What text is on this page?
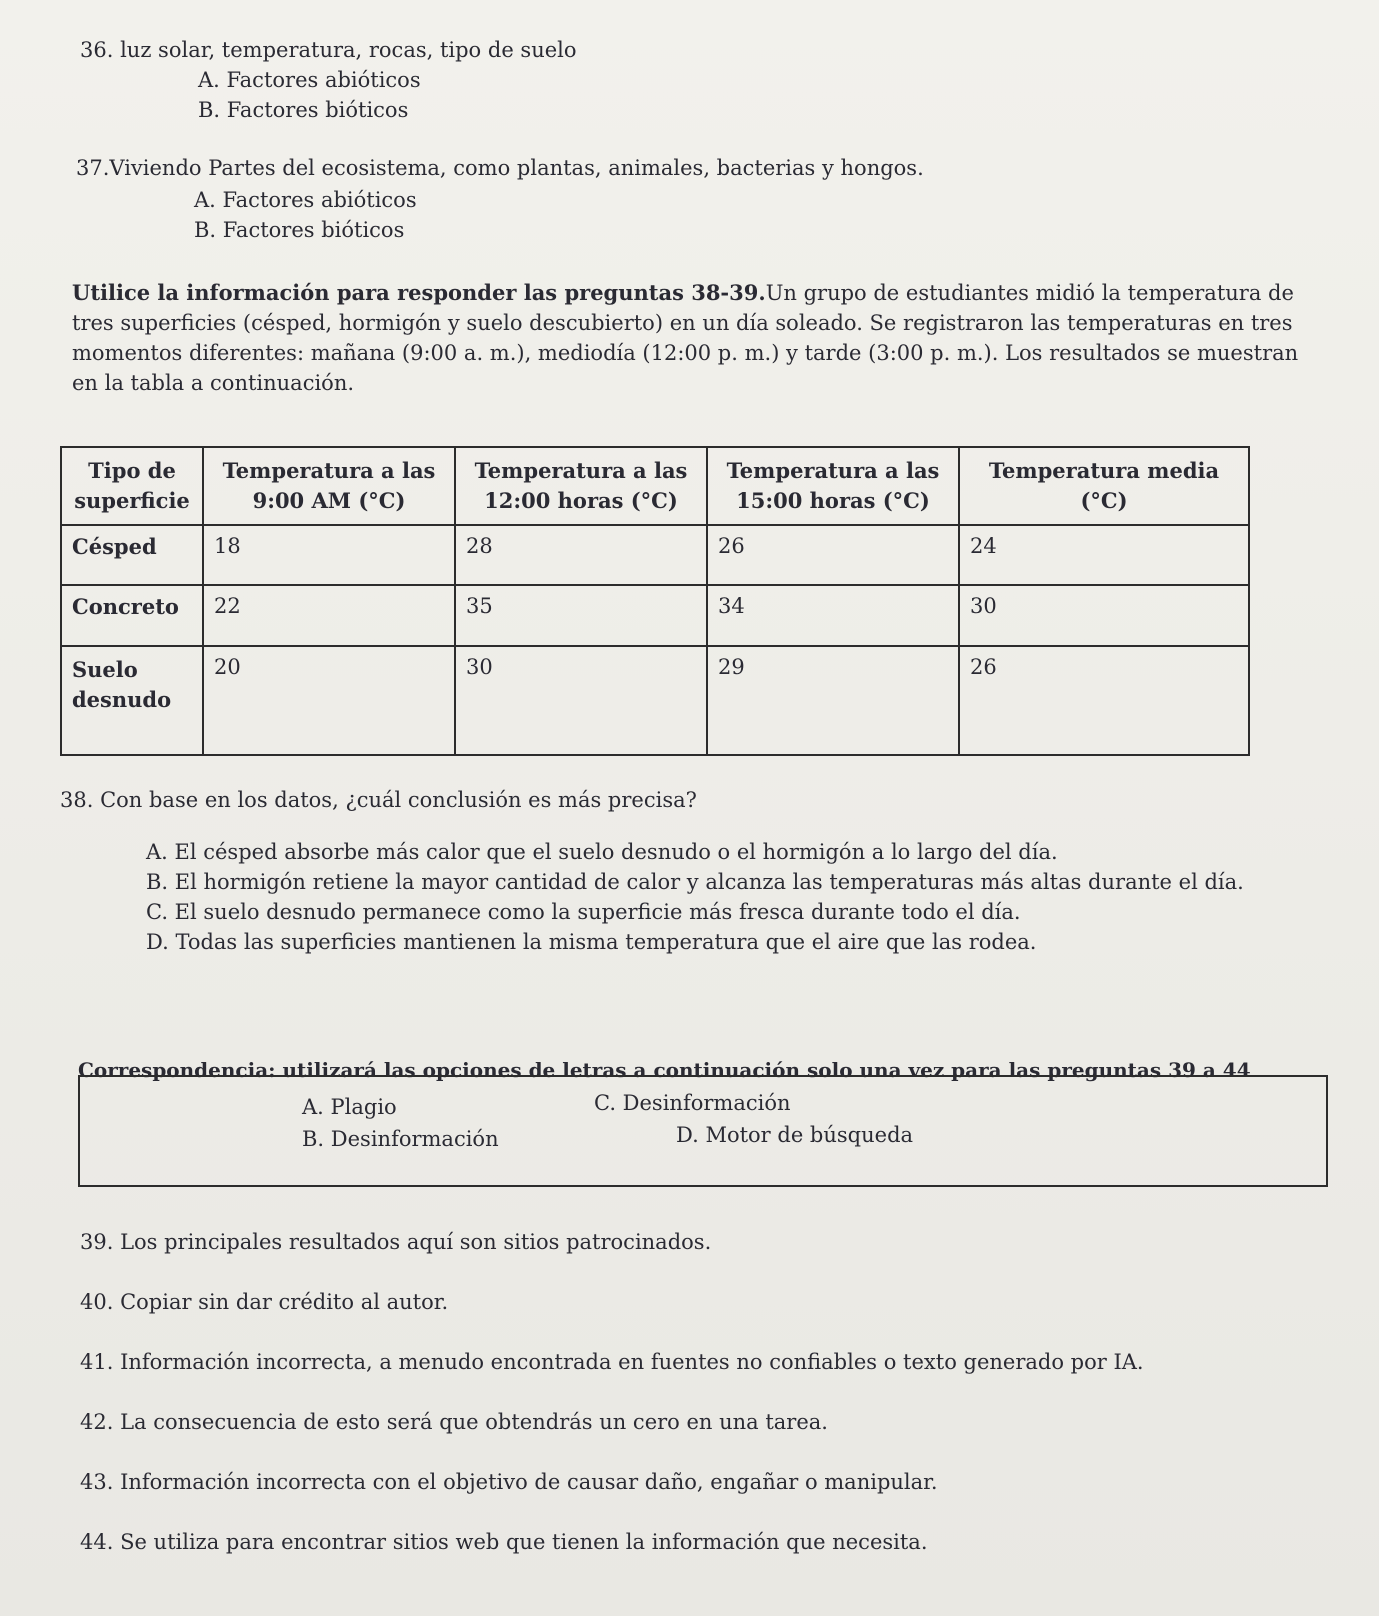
36. luz solar, temperatura, rocas, tipo de suelo
A. Factores abióticos
B. Factores bióticos
37.Viviendo Partes del ecosistema, como plantas, animales, bacterias y hongos.
A. Factores abióticos
B. Factores bióticos
Utilice la información para responder las preguntas 38-39.Un grupo de estudiantes midió la temperatura de tres superficies (césped, hormigón y suelo descubierto) en un día soleado. Se registraron las temperaturas en tres momentos diferentes: mañana (9:00 a. m.), mediodía (12:00 p. m.) y tarde (3:00 p. m.). Los resultados se muestran en la tabla a continuación.
Tipo de superficie	Temperatura a las 9:00 AM (°C)	Temperatura a las 12:00 horas (°C)	Temperatura a las 15:00 horas (°C)	Temperatura media (°C)
Césped	18	28	26	24
Concreto	22	35	34	30
Suelo desnudo	20	30	29	26
38. Con base en los datos, ¿cuál conclusión es más precisa?
A. El césped absorbe más calor que el suelo desnudo o el hormigón a lo largo del día.
B. El hormigón retiene la mayor cantidad de calor y alcanza las temperaturas más altas durante el día.
C. El suelo desnudo permanece como la superficie más fresca durante todo el día.
D. Todas las superficies mantienen la misma temperatura que el aire que las rodea.
Correspondencia: utilizará las opciones de letras a continuación solo una vez para las preguntas 39 a 44
A. Plagio	C. Desinformación
B. Desinformación	D. Motor de búsqueda
39. Los principales resultados aquí son sitios patrocinados.
40. Copiar sin dar crédito al autor.
41. Información incorrecta, a menudo encontrada en fuentes no confiables o texto generado por IA.
42. La consecuencia de esto será que obtendrás un cero en una tarea.
43. Información incorrecta con el objetivo de causar daño, engañar o manipular.
44. Se utiliza para encontrar sitios web que tienen la información que necesita.
